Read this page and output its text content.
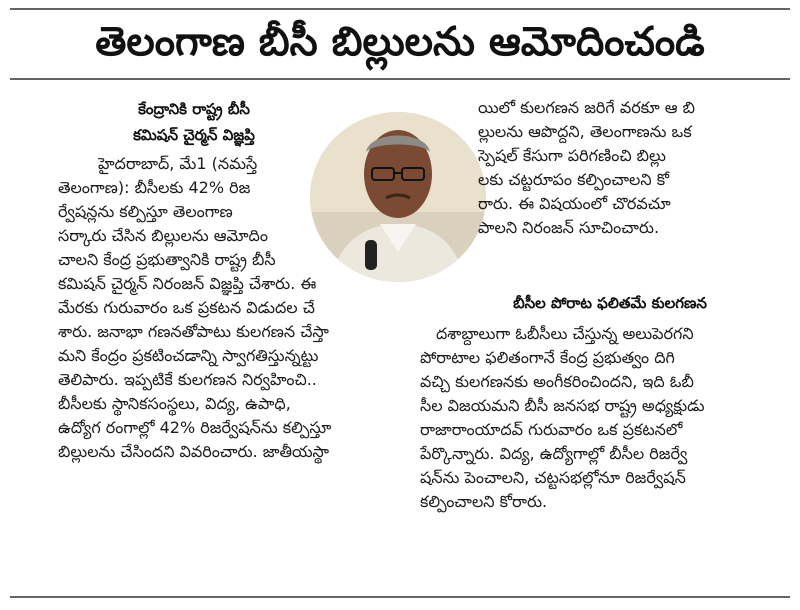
తెలంగాణ బీసీ బిల్లులను ఆమోదించండి
కేంద్రానికి రాష్ట్ర బీసీ
కమిషన్ చైర్మన్ విజ్ఞప్తి
హైదరాబాద్, మే1 (నమస్తే
తెలంగాణ): బీసీలకు 42% రిజ
ర్వేషన్లను కల్పిస్తూ తెలంగాణ
సర్కారు చేసిన బిల్లులను ఆమోదిం
చాలని కేంద్ర ప్రభుత్వానికి రాష్ట్ర బీసీ
కమిషన్ చైర్మన్ నిరంజన్ విజ్ఞప్తి చేశారు. ఈ
మేరకు గురువారం ఒక ప్రకటన విడుదల చే
శారు. జనాభా గణనతోపాటు కులగణన చేస్తా
మని కేంద్రం ప్రకటించడాన్ని స్వాగతిస్తున్నట్టు
తెలిపారు. ఇప్పటికే కులగణన నిర్వహించి..
బీసీలకు స్థానికసంస్థలు, విద్య, ఉపాధి,
ఉద్యోగ రంగాల్లో 42% రిజర్వేషన్‌ను కల్పిస్తూ
బిల్లులను చేసిందని వివరించారు. జాతీయస్థా
యిలో కులగణన జరిగే వరకూ ఆ బి
ల్లులను ఆపొద్దని, తెలంగాణను ఒక
స్పెషల్ కేసుగా పరిగణించి బిల్లు
లకు చట్టరూపం కల్పించాలని కో
రారు. ఈ విషయంలో చొరవచూ
పాలని నిరంజన్ సూచించారు.
బీసీల పోరాట ఫలితమే కులగణన
దశాబ్దాలుగా ఓబీసీలు చేస్తున్న అలుపెరగని
పోరాటాల ఫలితంగానే కేంద్ర ప్రభుత్వం దిగి
వచ్చి కులగణనకు అంగీకరించిందని, ఇది ఓబీ
సీల విజయమని బీసీ జనసభ రాష్ట్ర అధ్యక్షుడు
రాజారాంయాదవ్ గురువారం ఒక ప్రకటనలో
పేర్కొన్నారు. విద్య, ఉద్యోగాల్లో బీసీల రిజర్వే
షన్‌ను పెంచాలని, చట్టసభల్లోనూ రిజర్వేషన్
కల్పించాలని కోరారు.
